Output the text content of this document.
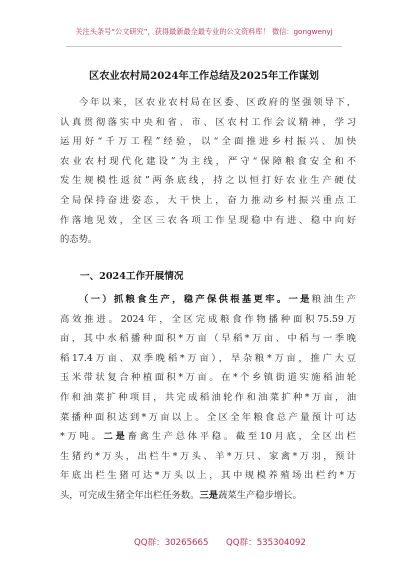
关注头条号“公文研究”，获得最新最全最专业的公文资料库！ 微信：gongwenyj
区农业农村局2024年工作总结及2025年工作谋划
今年以来，区农业农村局在区委、区政府的坚强领导下，
认真贯彻落实中央和省、市、区农村工作会议精神，学习
运用好“千万工程”经验，以“全面推进乡村振兴、加快
农业农村现代化建设”为主线，严守“保障粮食安全和不
发生规模性返贫”两条底线，持之以恒打好农业生产硬仗
全局保持奋进姿态，大干快上，奋力推动乡村振兴重点工
作落地见效，全区三农各项工作呈现稳中有进、稳中向好
的态势。
一、2024工作开展情况
（一）抓粮食生产，稳产保供根基更牢。一是粮油生产
高效推进。2024年，全区完成粮食作物播种面积75.59万
亩，其中水稻播种面积*万亩（早稻*万亩、中稻与一季晚
稻17.4万亩、双季晚稻*万亩），旱杂粮*万亩，推广大豆
玉米带状复合种植面积*万亩。在*个乡镇街道实施稻油轮
作和油菜扩种项目，共完成稻油轮作和油菜扩种*万亩，油
菜播种面积达到*万亩以上。全区全年粮食总产量预计可达
*万吨。二是畜禽生产总体平稳。截至10月底，全区出栏
生猪约*万头，出栏牛*万头、羊*万只、家禽*万羽，预计
年底出栏生猪可达*万头以上，其中规模养殖场出栏约*万
头，可完成生猪全年出栏任务数。三是蔬菜生产稳步增长。
QQ群：30265665 QQ群：535304092
